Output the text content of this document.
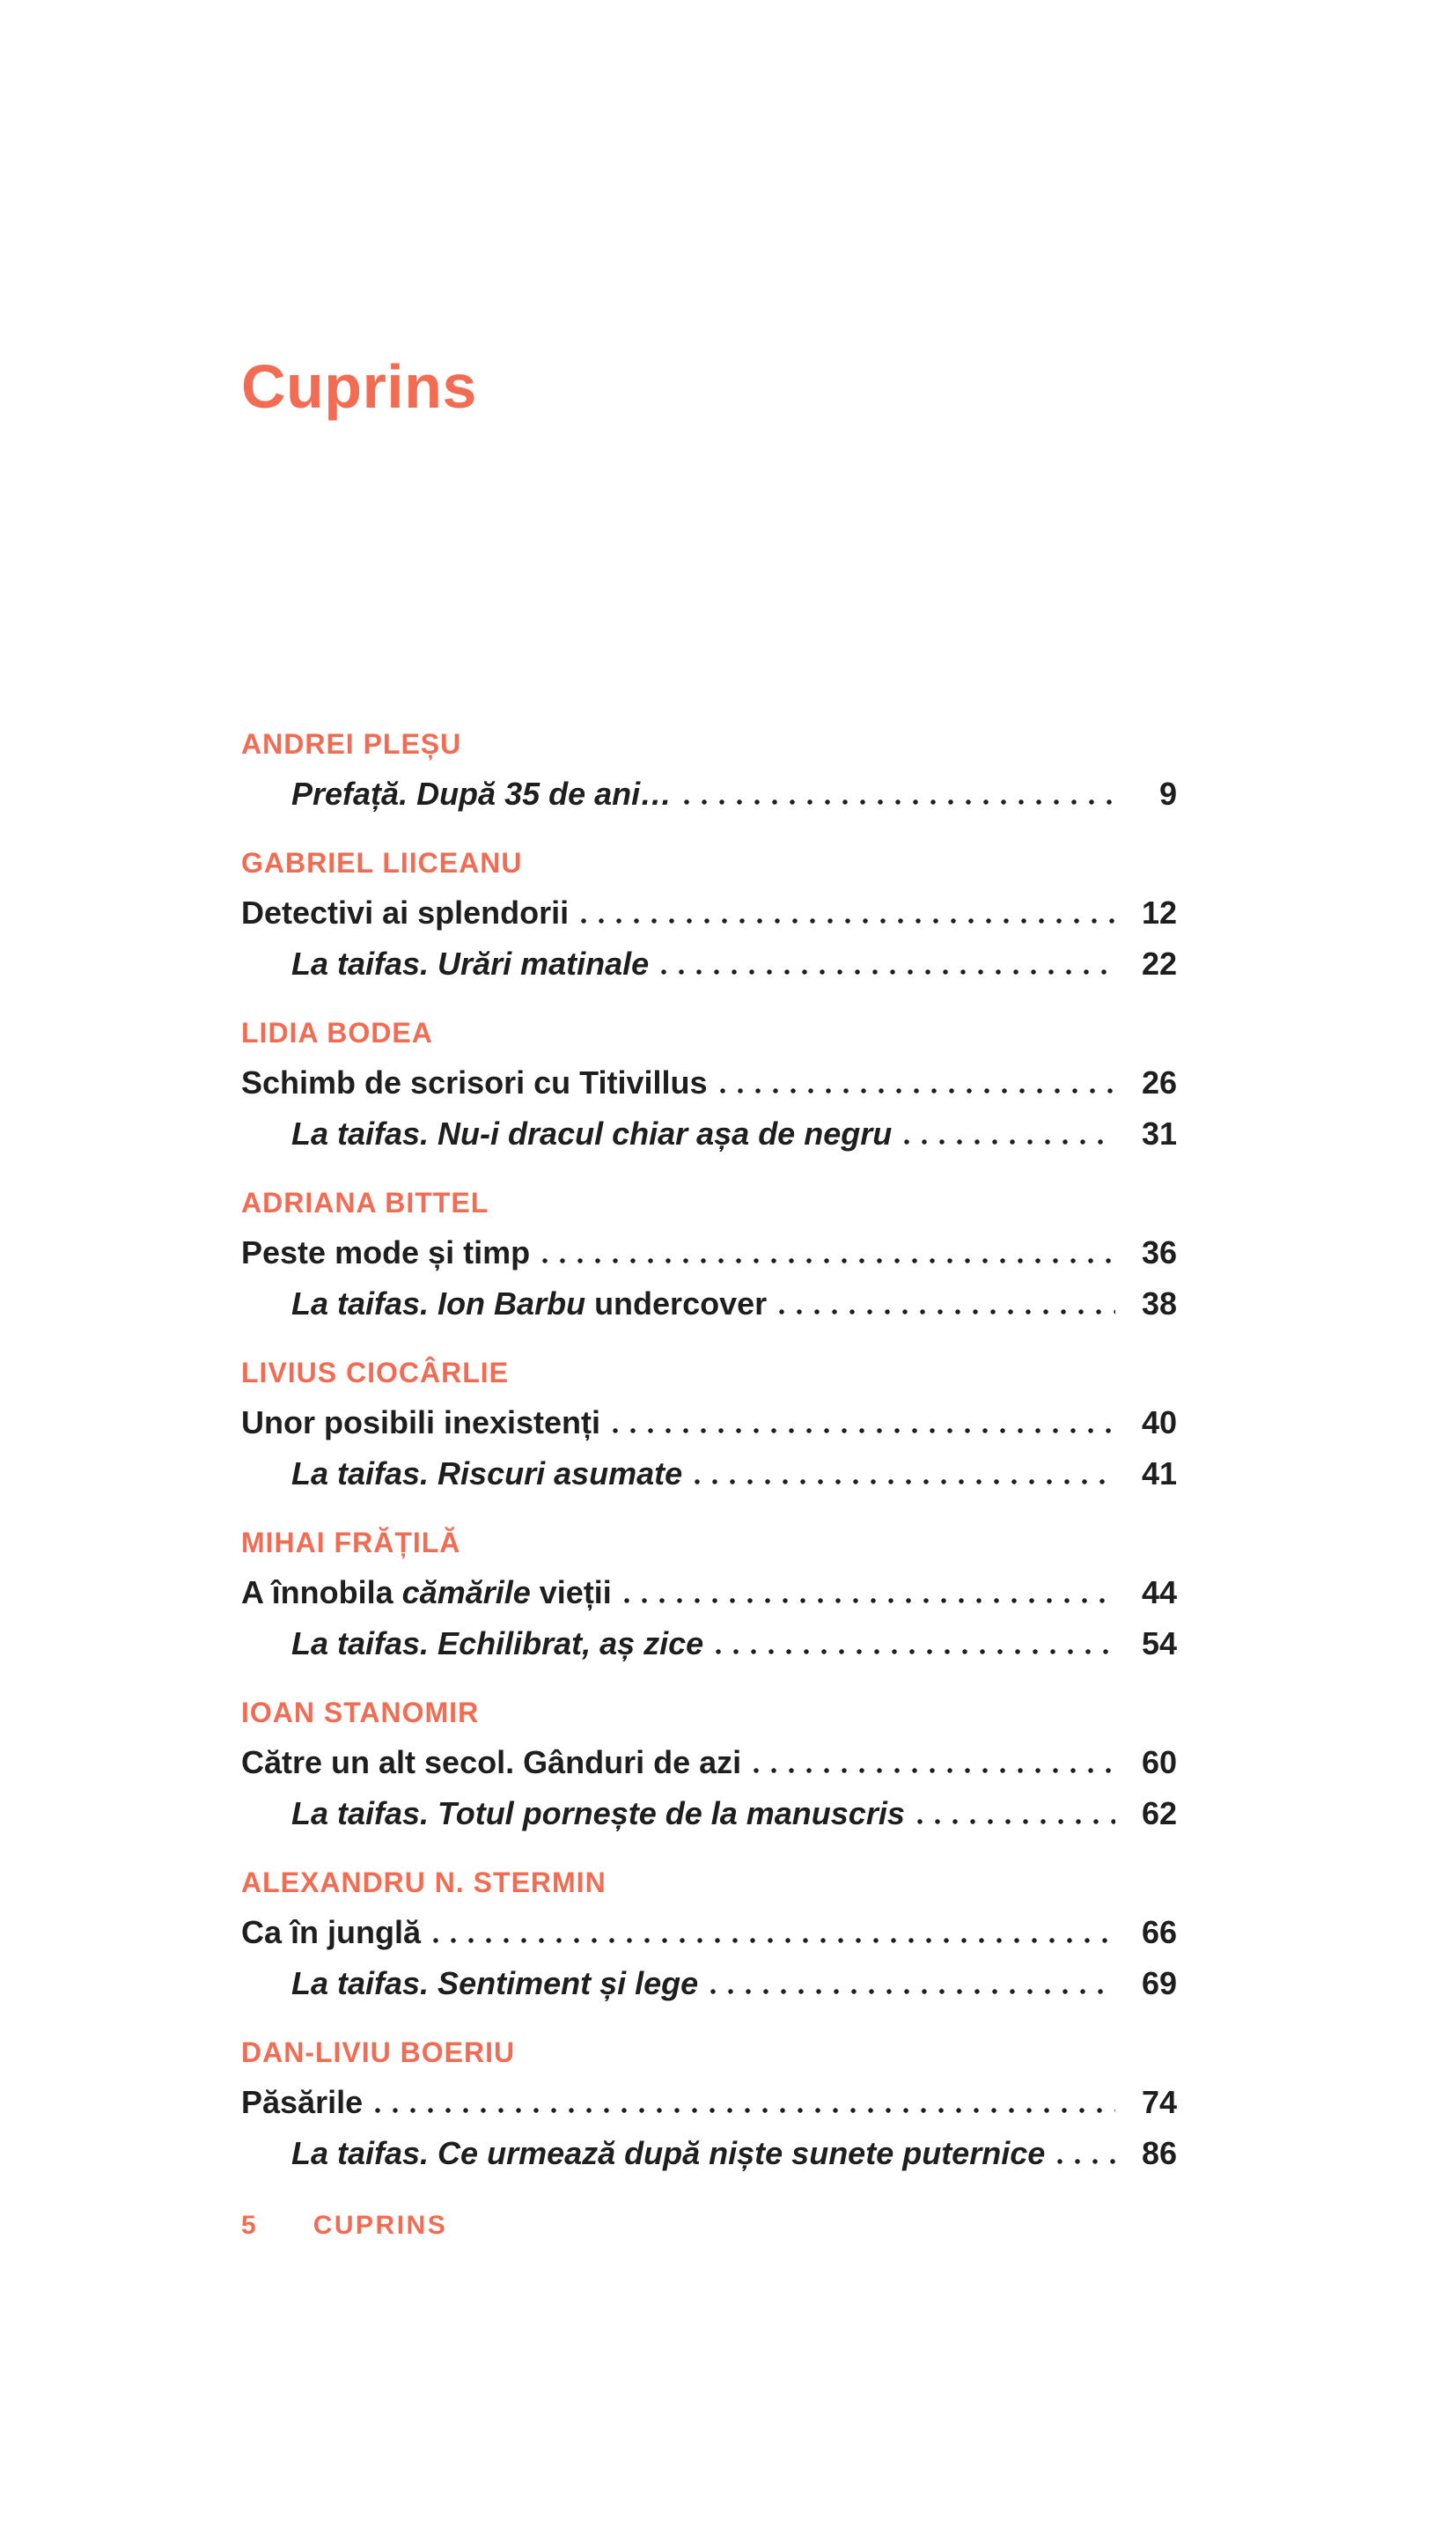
Cuprins
ANDREI PLEȘU
Prefață. După 35 de ani…	9
GABRIEL LIICEANU
Detectivi ai splendorii	12
La taifas. Urări matinale	22
LIDIA BODEA
Schimb de scrisori cu Titivillus	26
La taifas. Nu-i dracul chiar așa de negru	31
ADRIANA BITTEL
Peste mode și timp	36
La taifas. Ion Barbu undercover	38
LIVIUS CIOCÂRLIE
Unor posibili inexistenți	40
La taifas. Riscuri asumate	41
MIHAI FRĂȚILĂ
A înnobila cămările vieții	44
La taifas. Echilibrat, aș zice	54
IOAN STANOMIR
Către un alt secol. Gânduri de azi	60
La taifas. Totul pornește de la manuscris	62
ALEXANDRU N. STERMIN
Ca în junglă	66
La taifas. Sentiment și lege	69
DAN-LIVIU BOERIU
Păsările	74
La taifas. Ce urmează după niște sunete puternice	86
5 CUPRINS
